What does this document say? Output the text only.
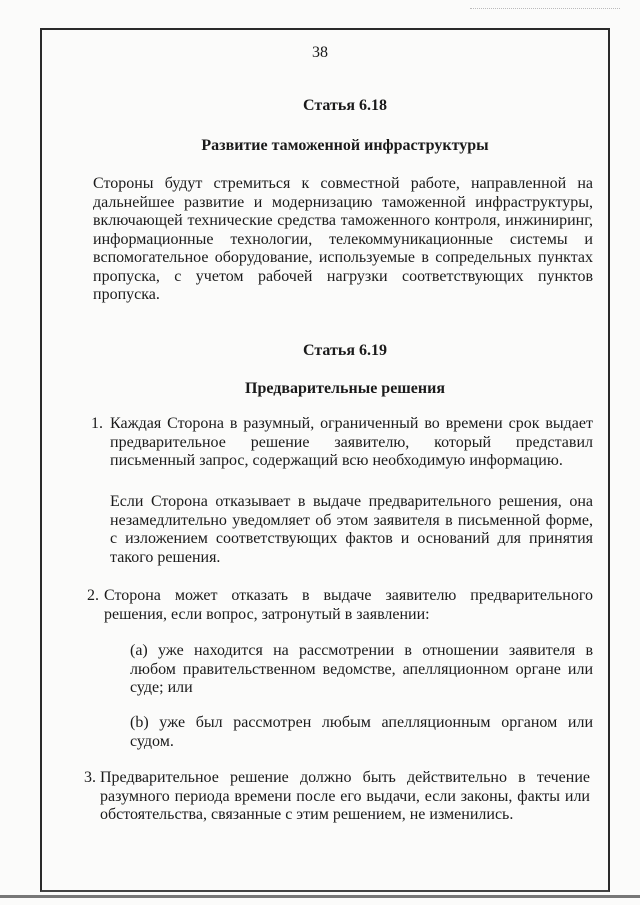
38
Статья 6.18
Развитие таможенной инфраструктуры

Стороны будут стремиться к совместной работе, направленной на дальнейшее развитие и модернизацию таможенной инфраструктуры, включающей технические средства таможенного контроля, инжиниринг, информационные технологии, телекоммуникационные системы и вспомогательное оборудование, используемые в сопредельных пунктах пропуска, с учетом рабочей нагрузки соответствующих пунктов пропуска.

Статья 6.19
Предварительные решения
1. Каждая Сторона в разумный, ограниченный во времени срок выдает предварительное решение заявителю, который представил письменный запрос, содержащий всю необходимую информацию.

Если Сторона отказывает в выдаче предварительного решения, она незамедлительно уведомляет об этом заявителя в письменной форме, с изложением соответствующих фактов и оснований для принятия такого решения.

2. Сторона может отказать в выдаче заявителю предварительного решения, если вопрос, затронутый в заявлении:

(a) уже находится на рассмотрении в отношении заявителя в любом правительственном ведомстве, апелляционном органе или суде; или

(b) уже был рассмотрен любым апелляционным органом или судом.

3. Предварительное решение должно быть действительно в течение разумного периода времени после его выдачи, если законы, факты или обстоятельства, связанные с этим решением, не изменились.
